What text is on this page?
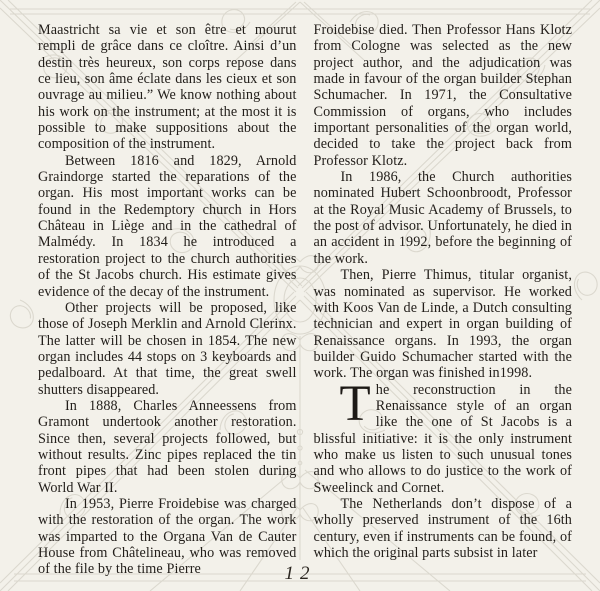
Maastricht sa vie et son être et mourut rempli de grâce dans ce cloître. Ainsi d’un destin très heureux, son corps repose dans ce lieu, son âme éclate dans les cieux et son ouvrage au milieu.” We know nothing about his work on the instrument; at the most it is possible to make suppositions about the composition of the instrument.

Between 1816 and 1829, Arnold Graindorge started the reparations of the organ. His most important works can be found in the Redemptory church in Hors Château in Liège and in the cathedral of Malmédy. In 1834 he introduced a restoration project to the church authorities of the St Jacobs church. His estimate gives evidence of the decay of the instrument.

Other projects will be proposed, like those of Joseph Merklin and Arnold Clerinx. The latter will be chosen in 1854. The new organ includes 44 stops on 3 keyboards and pedalboard. At that time, the great swell shutters disappeared.

In 1888, Charles Anneessens from Gramont undertook another restoration. Since then, several projects followed, but without results. Zinc pipes replaced the tin front pipes that had been stolen during World War II.

In 1953, Pierre Froidebise was charged with the restoration of the organ. The work was imparted to the Organa Van de Cauter House from Châtelineau, who was removed of the file by the time Pierre

Froidebise died. Then Professor Hans Klotz from Cologne was selected as the new project author, and the adjudication was made in favour of the organ builder Stephan Schumacher. In 1971, the Consultative Commission of organs, who includes important personalities of the organ world, decided to take the project back from Professor Klotz.

In 1986, the Church authorities nominated Hubert Schoonbroodt, Professor at the Royal Music Academy of Brussels, to the post of advisor. Unfortunately, he died in an accident in 1992, before the beginning of the work.

Then, Pierre Thimus, titular organist, was nominated as supervisor. He worked with Koos Van de Linde, a Dutch consulting technician and expert in organ building of Renaissance organs. In 1993, the organ builder Guido Schumacher started with the work. The organ was finished in1998.

The reconstruction in the Renaissance style of an organ like the one of St Jacobs is a blissful initiative: it is the only instrument who make us listen to such unusual tones and who allows to do justice to the work of Sweelinck and Cornet.

The Netherlands don’t dispose of a wholly preserved instrument of the 16th century, even if instruments can be found, of which the original parts subsist in later

12
